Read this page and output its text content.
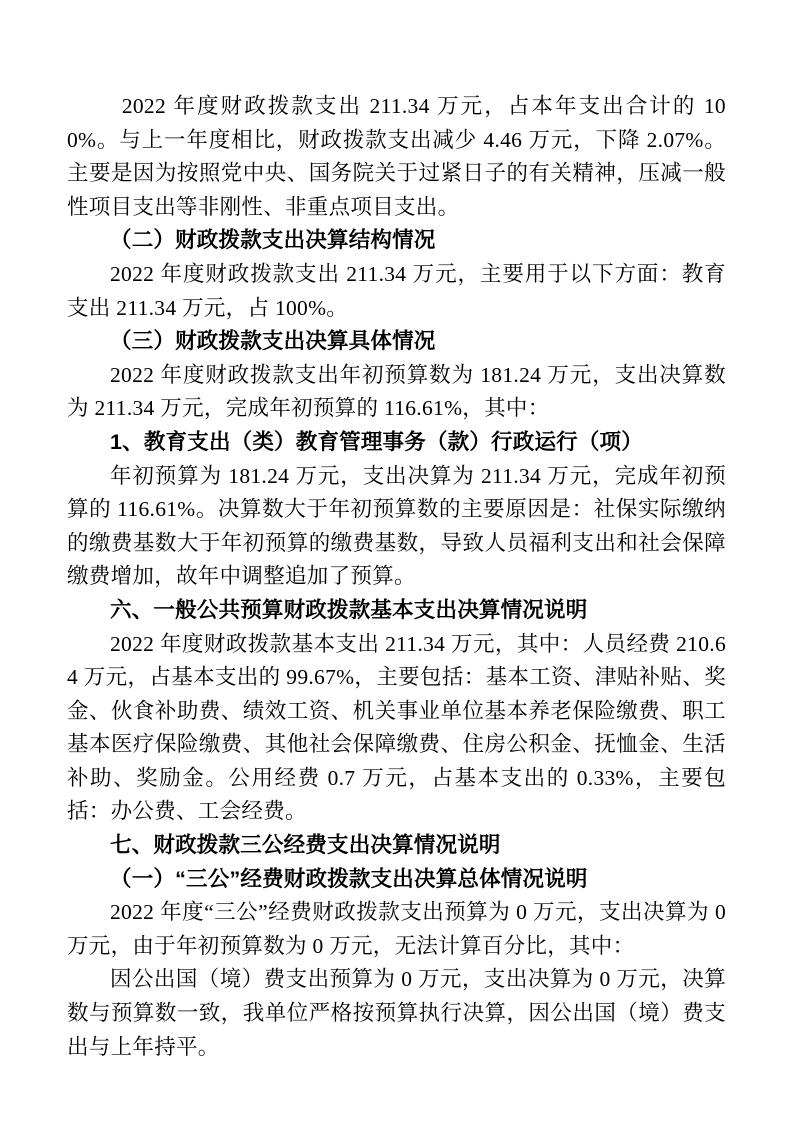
2022 年度财政拨款支出 211.34 万元，占本年支出合计的 100%。与上一年度相比，财政拨款支出减少 4.46 万元，下降 2.07%。主要是因为按照党中央、国务院关于过紧日子的有关精神，压减一般性项目支出等非刚性、非重点项目支出。

（二）财政拨款支出决算结构情况

2022 年度财政拨款支出 211.34 万元，主要用于以下方面：教育支出 211.34 万元，占 100%。

（三）财政拨款支出决算具体情况

2022 年度财政拨款支出年初预算数为 181.24 万元，支出决算数为 211.34 万元，完成年初预算的 116.61%，其中：

1、教育支出（类）教育管理事务（款）行政运行（项）

年初预算为 181.24 万元，支出决算为 211.34 万元，完成年初预算的 116.61%。决算数大于年初预算数的主要原因是：社保实际缴纳的缴费基数大于年初预算的缴费基数，导致人员福利支出和社会保障缴费增加，故年中调整追加了预算。

六、一般公共预算财政拨款基本支出决算情况说明

2022 年度财政拨款基本支出 211.34 万元，其中：人员经费 210.64 万元，占基本支出的 99.67%，主要包括：基本工资、津贴补贴、奖金、伙食补助费、绩效工资、机关事业单位基本养老保险缴费、职工基本医疗保险缴费、其他社会保障缴费、住房公积金、抚恤金、生活补助、奖励金。公用经费 0.7 万元，占基本支出的 0.33%，主要包括：办公费、工会经费。

七、财政拨款三公经费支出决算情况说明

（一）“三公”经费财政拨款支出决算总体情况说明

2022 年度“三公”经费财政拨款支出预算为 0 万元，支出决算为 0 万元，由于年初预算数为 0 万元，无法计算百分比，其中：

因公出国（境）费支出预算为 0 万元，支出决算为 0 万元，决算数与预算数一致，我单位严格按预算执行决算，因公出国（境）费支出与上年持平。
